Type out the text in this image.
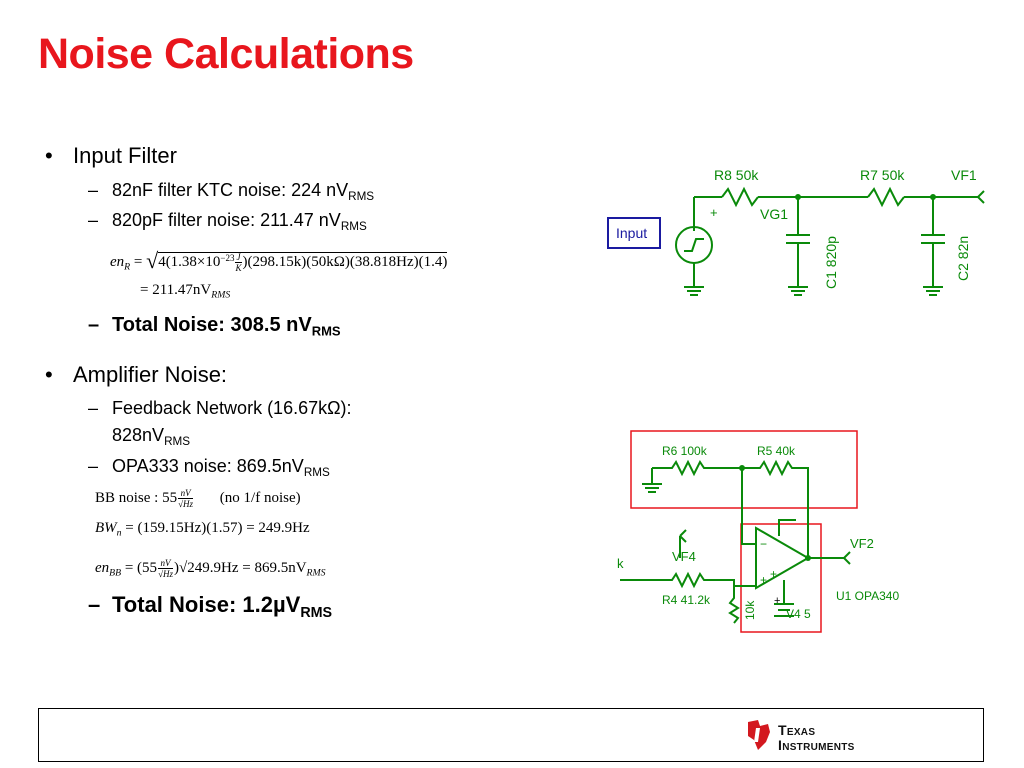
Noise Calculations
• Input Filter
– 82nF filter KTC noise: 224 $nV_{RMS}$
– 820pF filter noise: 211.47 $nV_{RMS}$
$en_R = √4(1.38\times 10^{-23} \frac{J}{K} )(298.15k)(50k\Omega)(38.818Hz)(1.4)$
= $211.47nV_{RMS}$
– Total Noise: 308.5 $nV_{RMS}$
• Amplifier Noise:
– Feedback Network (16.67kΩ):
$828nV_{RMS}$
– OPA333 noise: $869.5nV_{RMS}$
BB noise : $55 \frac{nV}{√Hz} (no$ 1/f noise)
$BW_n = (159.15Hz)(1.57) = 249.9Hz$
$en_{BB} = (55 \frac{nV}{√Hz} )√249.9Hz = 869.5nV_{RMS}$
– Total Noise: 1.2µV$_{RMS}$
+
Input
R8 50k	R7 50k	VF1
VG1
C1 820p	C2 82n
−
+ +
+
R6 100k	R5 40k
VF2
VF4
k
R4 41.2k
10k V4 5
U1 OPA340
Texas
Instruments
